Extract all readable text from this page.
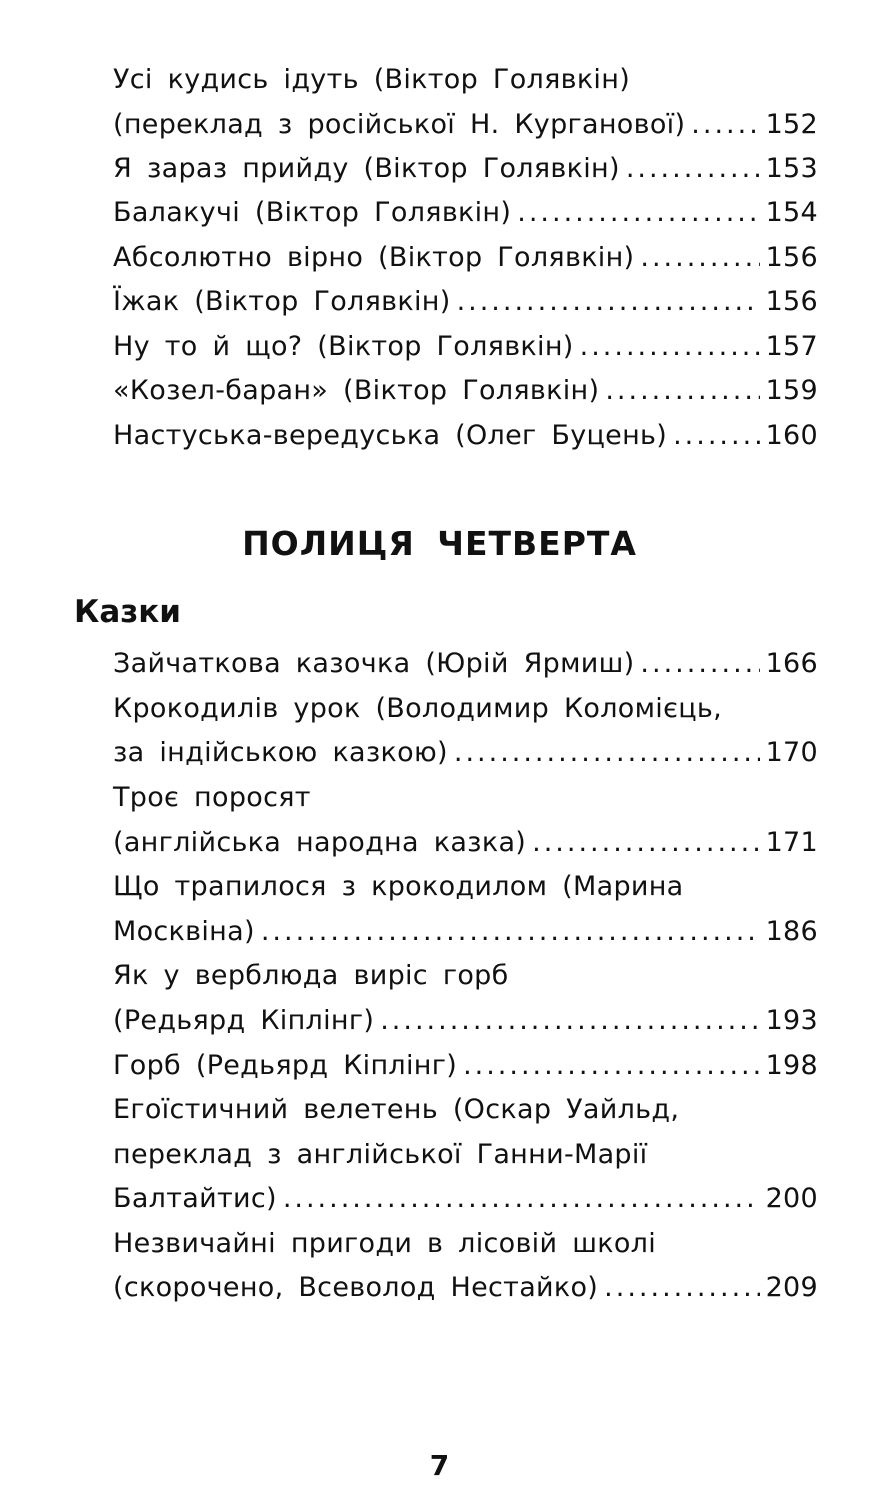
Усі кудись ідуть (Віктор Голявкін)
(переклад з російської Н. Курганової) .....	152
Я зараз прийду (Віктор Голявкін) .....	153
Балакучі (Віктор Голявкін) .....	154
Абсолютно вірно (Віктор Голявкін) .....	156
Їжак (Віктор Голявкін) .....	156
Ну то й що? (Віктор Голявкін) .....	157
«Козел-баран» (Віктор Голявкін) .....	159
Настуська-вередуська (Олег Буцень) .....	160
ПОЛИЦЯ ЧЕТВЕРТА
Казки
Зайчаткова казочка (Юрій Ярмиш) .....	166
Крокодилів урок (Володимир Коломієць,
за індійською казкою) .....	170
Троє поросят
(англійська народна казка) .....	171
Що трапилося з крокодилом (Марина
Москвіна) .....	186
Як у верблюда виріс горб
(Редьярд Кіплінг) .....	193
Горб (Редьярд Кіплінг) .....	198
Егоїстичний велетень (Оскар Уайльд,
переклад з англійської Ганни-Марії
Балтайтис) .....	200
Незвичайні пригоди в лісовій школі
(скорочено, Всеволод Нестайко) .....	209
7
